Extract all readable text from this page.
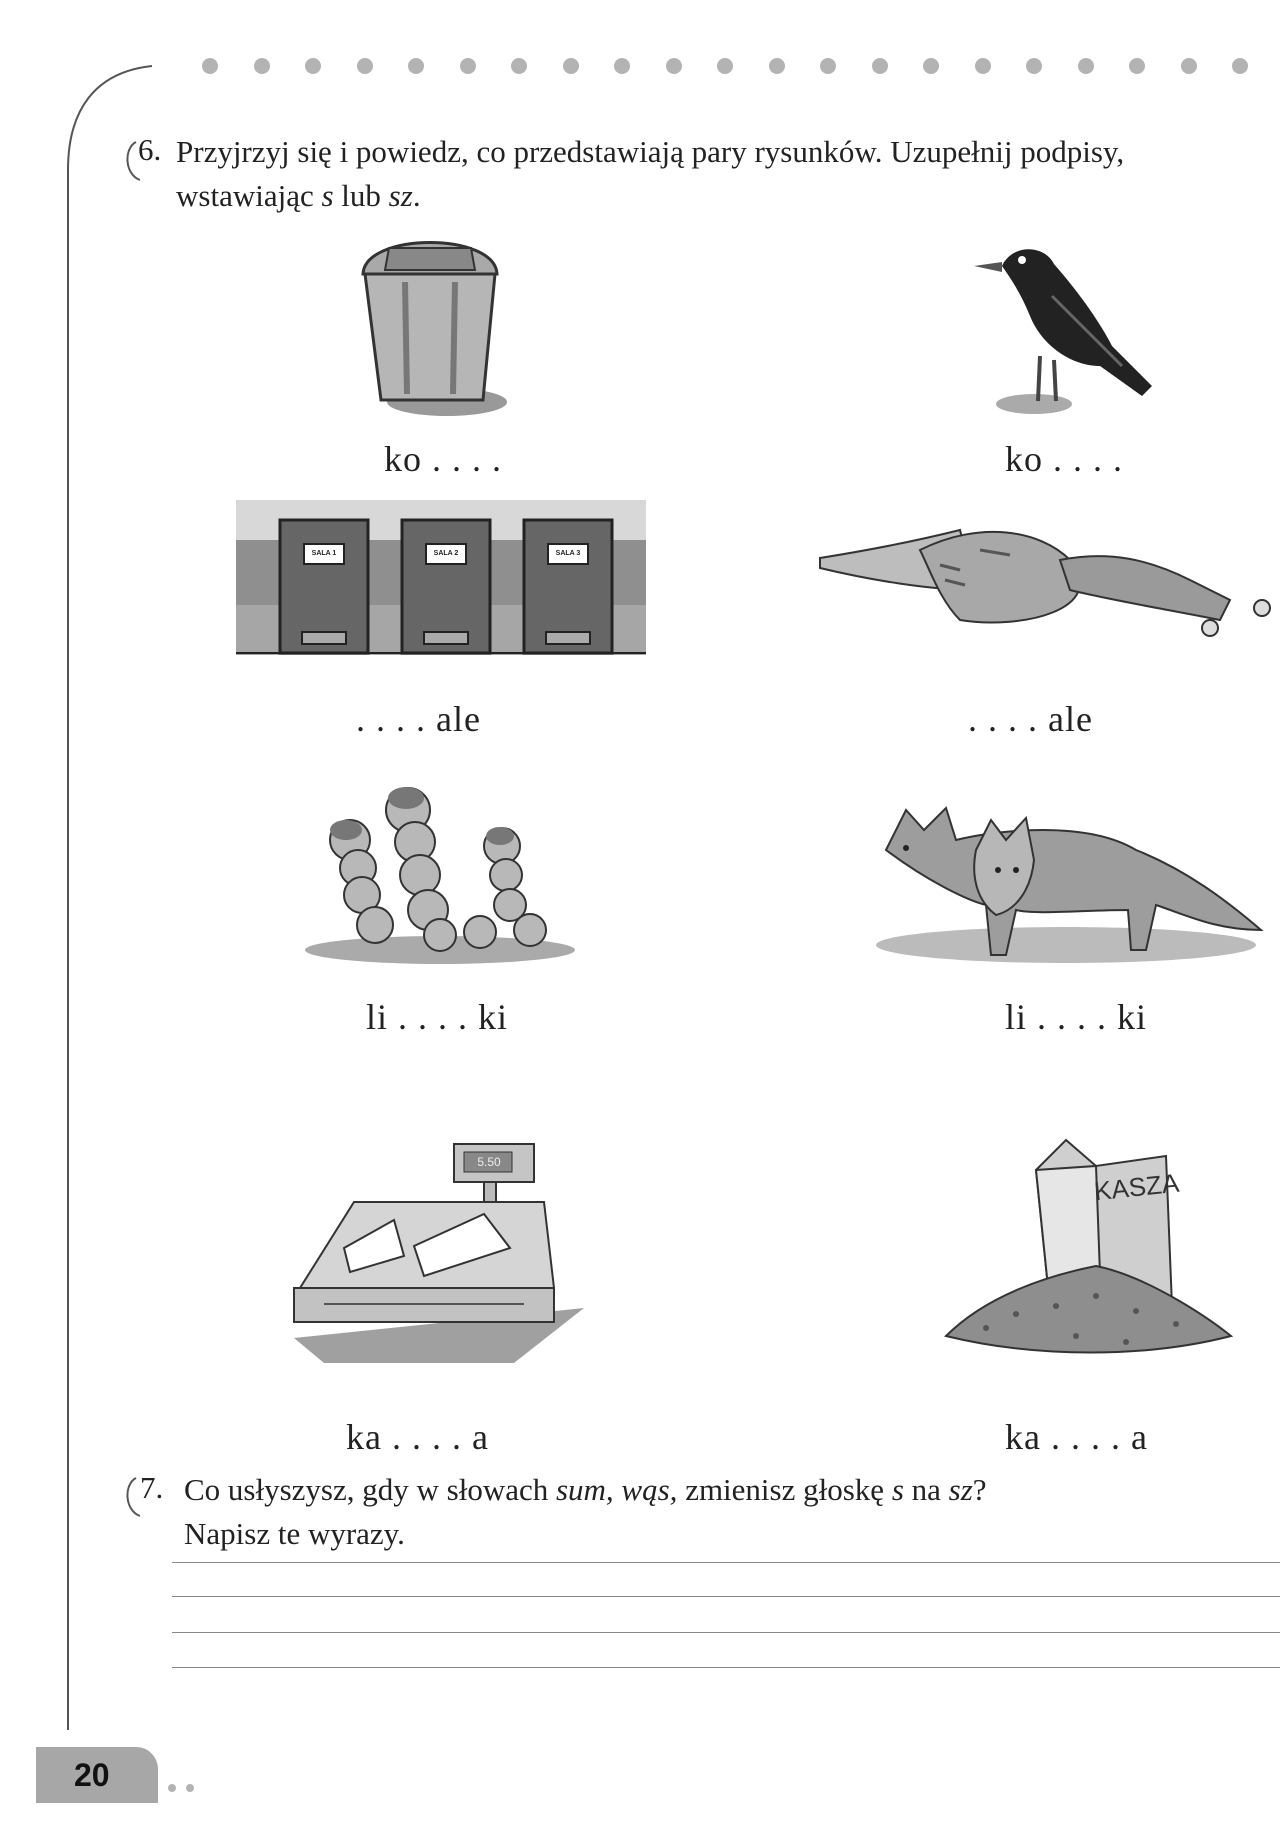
20
6. Przyjrzyj się i powiedz, co przedstawiają pary rysunków. Uzupełnij podpisy,
wstawiając s lub sz.
ko . . . .	ko . . . .
SALA 1	SALA 2	SALA 3
. . . . ale	. . . . ale
li . . . . ki	li . . . . ki
5.50
KASZA
ka . . . . a	ka . . . . a
7. Co usłyszysz, gdy w słowach sum, wąs, zmienisz głoskę s na sz?
Napisz te wyrazy.
